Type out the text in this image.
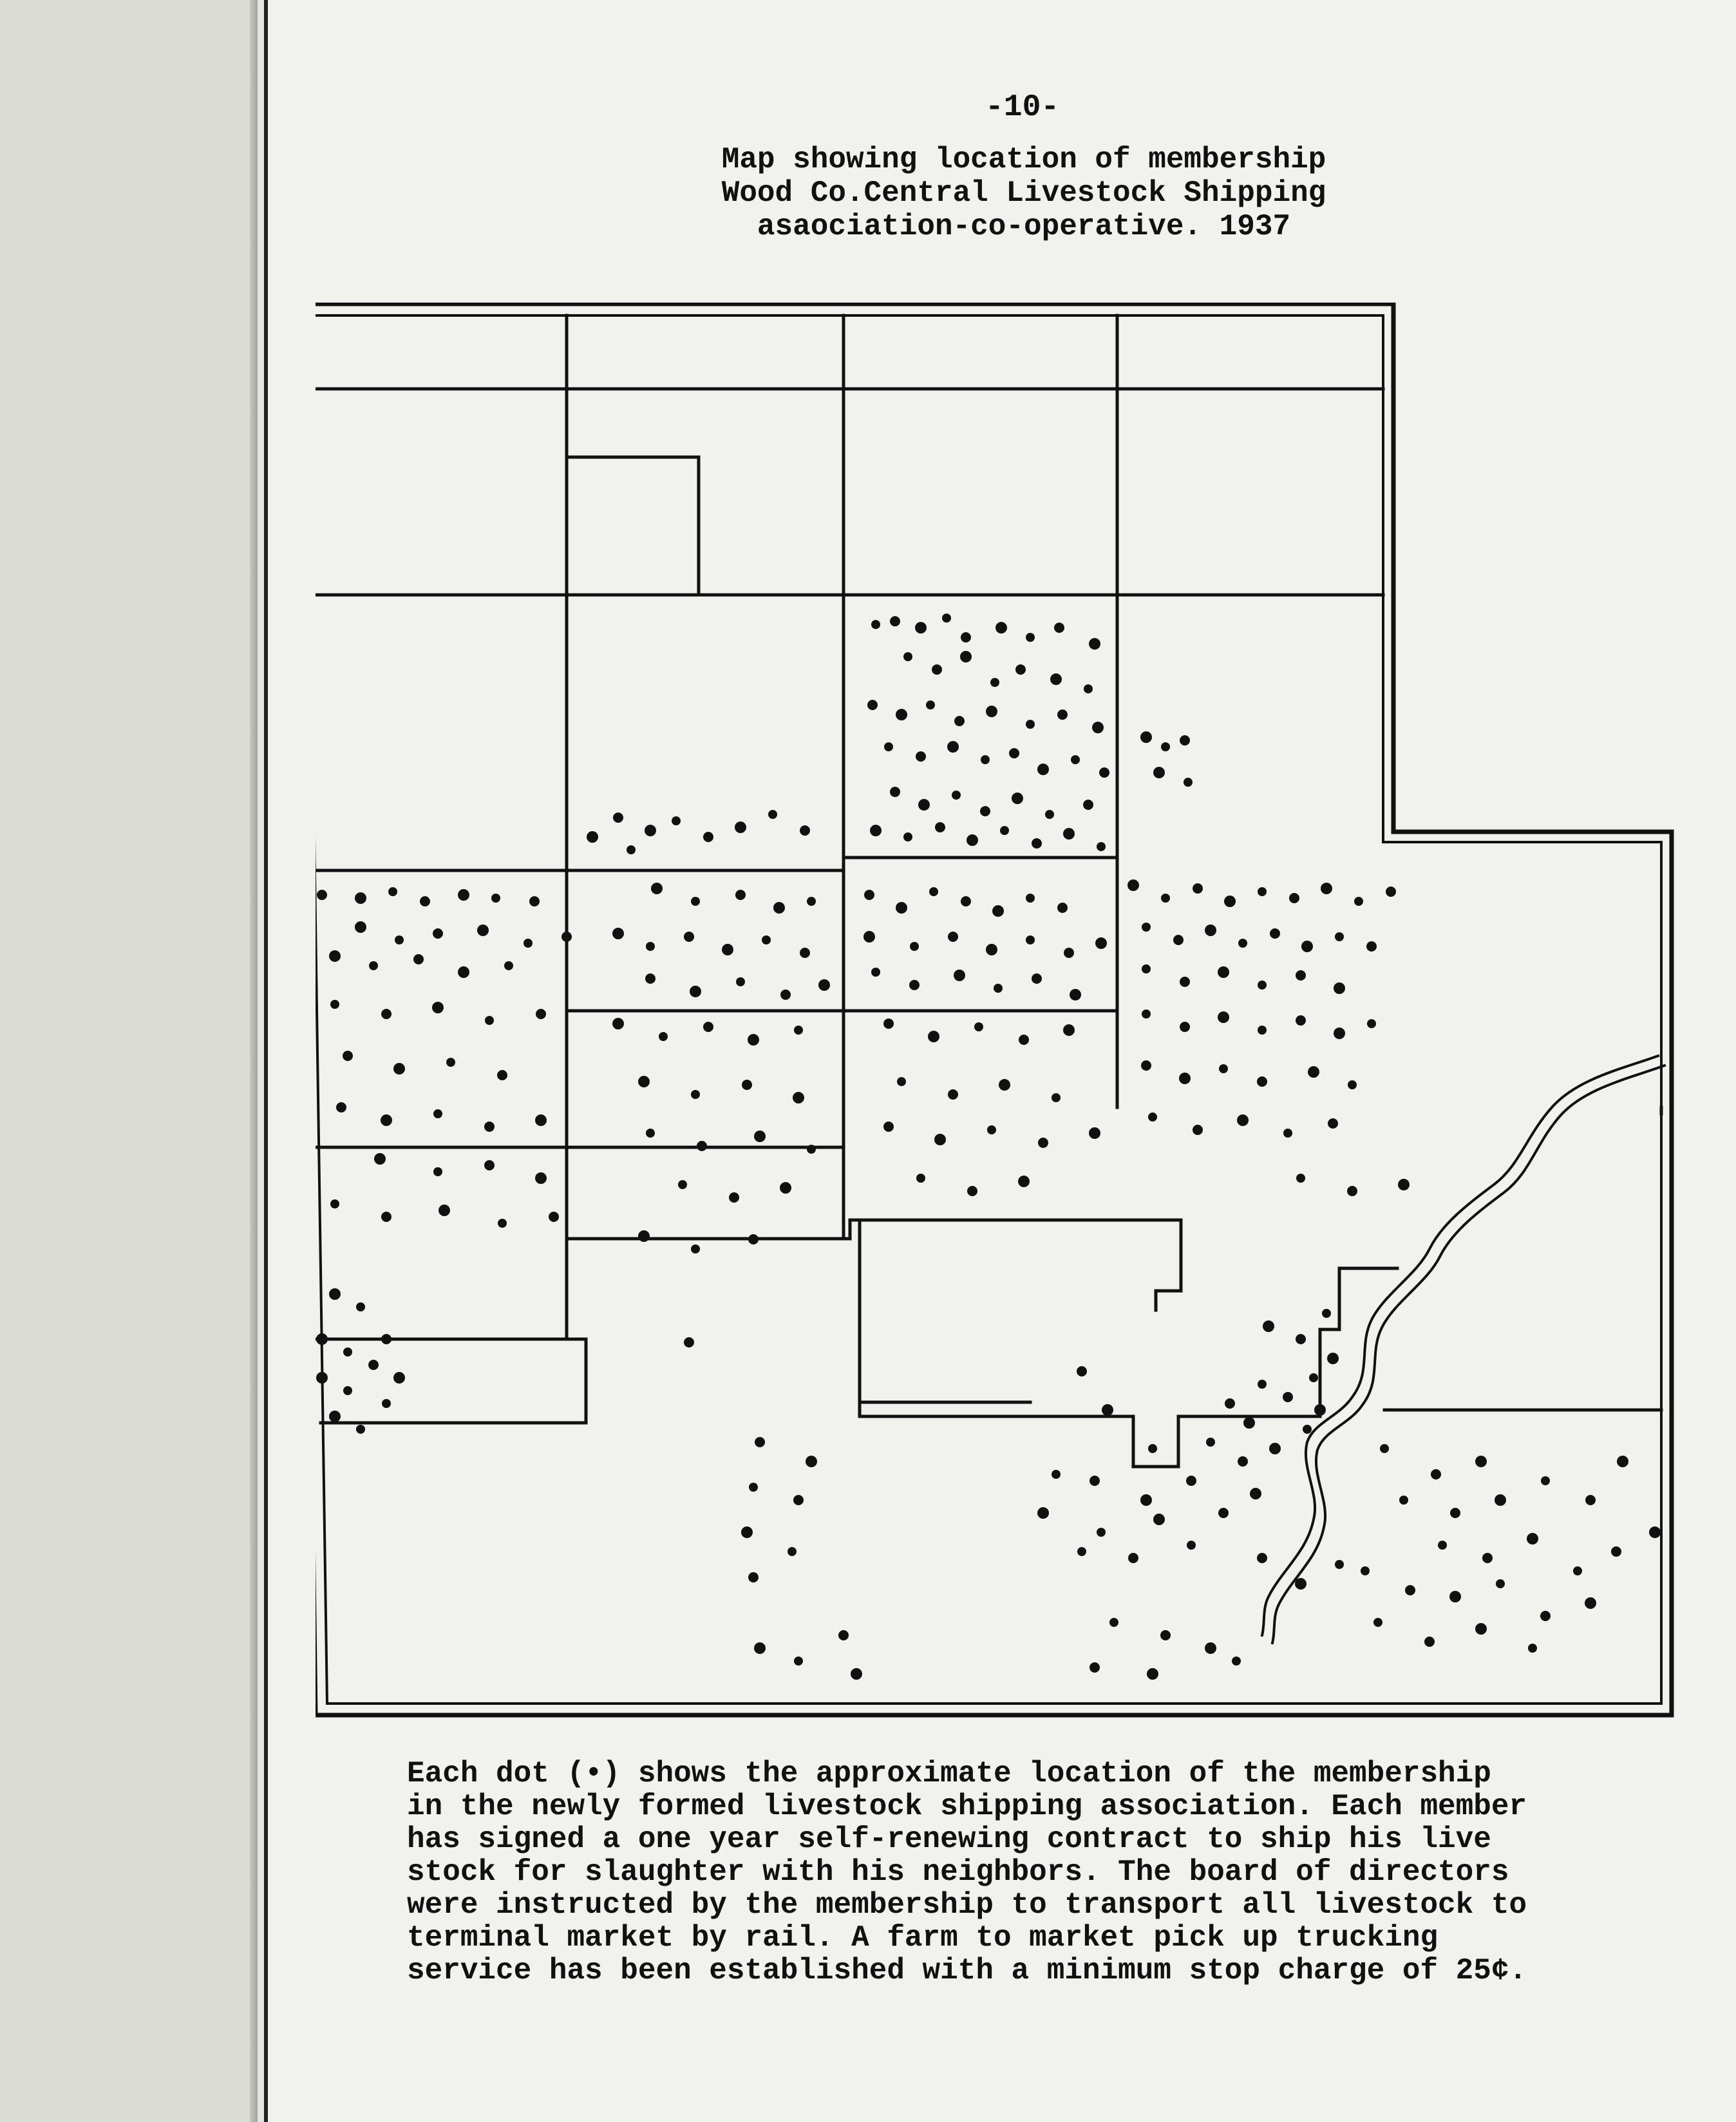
-10-
Map showing location of membership
Wood Co.Central Livestock Shipping
asaociation-co-operative. 1937
Each dot (•) shows the approximate location of the membership
in the newly formed livestock shipping association. Each member
has signed a one year self-renewing contract to ship his live
stock for slaughter with his neighbors. The board of directors
were instructed by the membership to transport all livestock to
terminal market by rail. A farm to market pick up trucking
service has been established with a minimum stop charge of 25¢.
